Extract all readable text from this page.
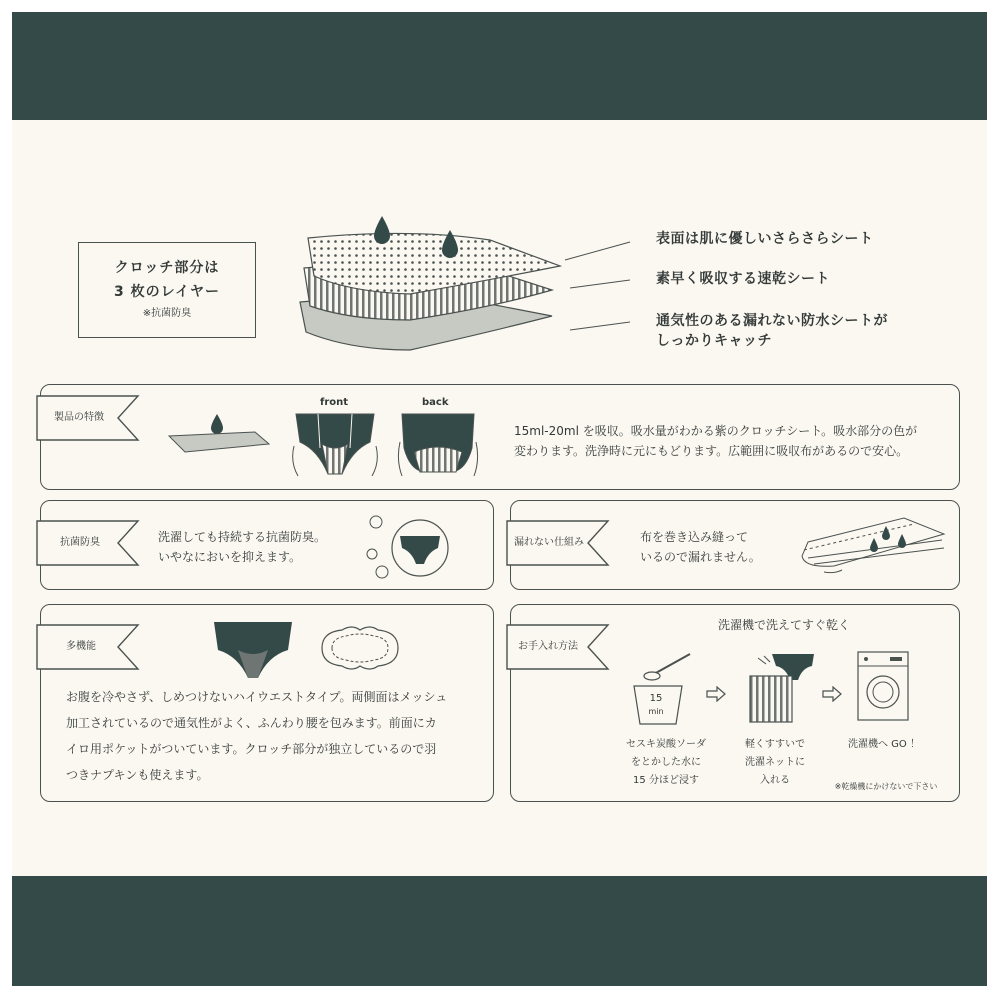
クロッチ部分は
3 枚のレイヤー
※抗菌防臭
表面は肌に優しいさらさらシート
素早く吸収する速乾シート
通気性のある漏れない防水シートが
しっかりキャッチ
製品の特徴
front	back
15ml-20ml を吸収。吸水量がわかる紫のクロッチシート。吸水部分の色が
変わります。洗浄時に元にもどります。広範囲に吸収布があるので安心。
抗菌防臭	洗濯しても持続する抗菌防臭。
いやなにおいを抑えます。
漏れない仕組み	布を巻き込み縫って
いるので漏れません。
多機能
お腹を冷やさず、しめつけないハイウエストタイプ。両側面はメッシュ
加工されているので通気性がよく、ふんわり腰を包みます。前面にカ
イロ用ポケットがついています。クロッチ部分が独立しているので羽
つきナプキンも使えます。
お手入れ方法
洗濯機で洗えてすぐ乾く
15
min
セスキ炭酸ソーダ
をとかした水に
15 分ほど浸す
軽くすすいで
洗濯ネットに
入れる
洗濯機へ GO ！
※乾燥機にかけないで下さい
